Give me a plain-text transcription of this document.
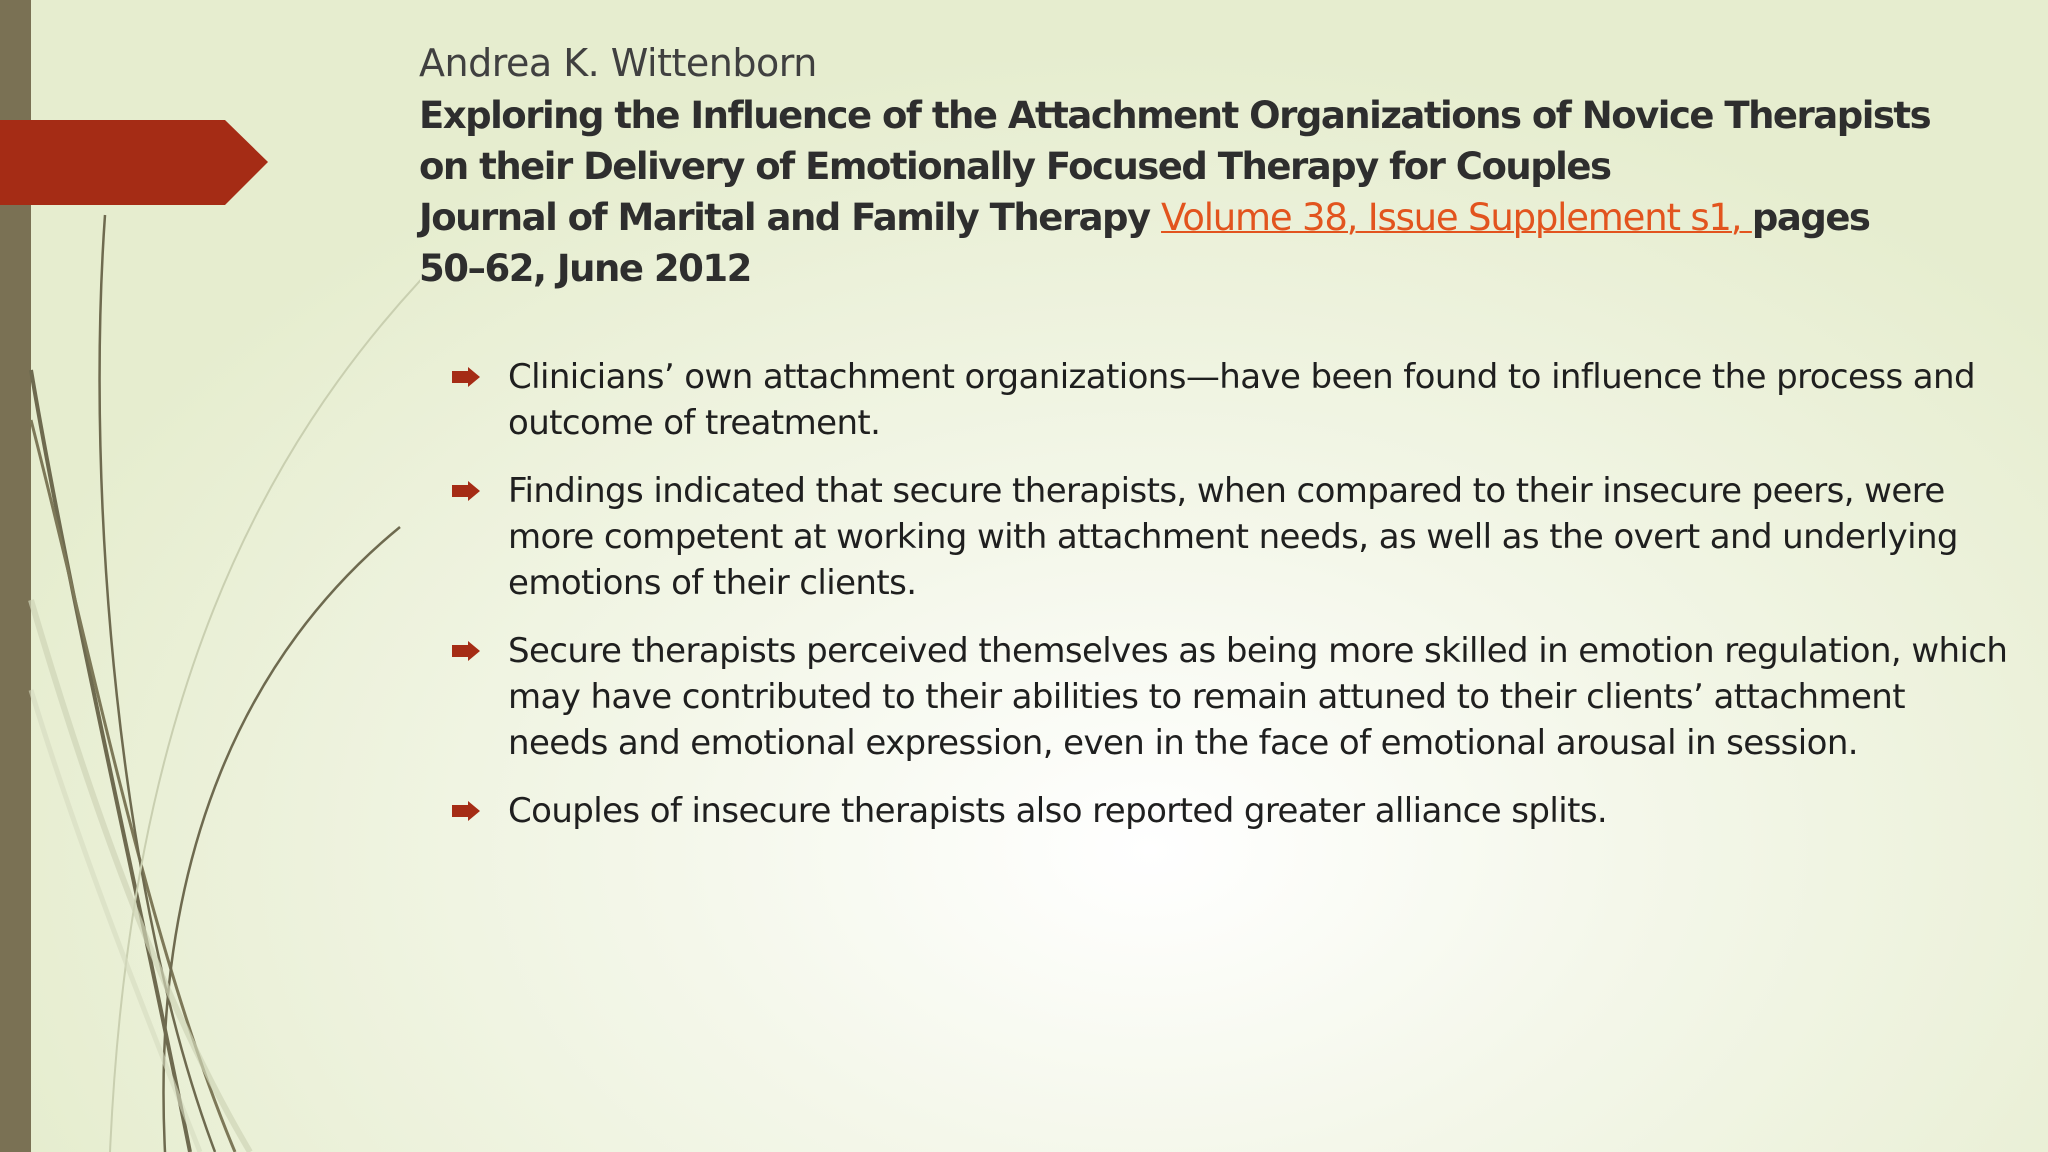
Andrea K. Wittenborn
Exploring the Influence of the Attachment Organizations of Novice Therapists
on their Delivery of Emotionally Focused Therapy for Couples
Journal of Marital and Family Therapy Volume 38, Issue Supplement s1, pages
50–62, June 2012
Clinicians’ own attachment organizations—have been found to influence the process and outcome of treatment.
Findings indicated that secure therapists, when compared to their insecure peers, were more competent at working with attachment needs, as well as the overt and underlying emotions of their clients.
Secure therapists perceived themselves as being more skilled in emotion regulation, which may have contributed to their abilities to remain attuned to their clients’ attachment needs and emotional expression, even in the face of emotional arousal in session.
Couples of insecure therapists also reported greater alliance splits.
